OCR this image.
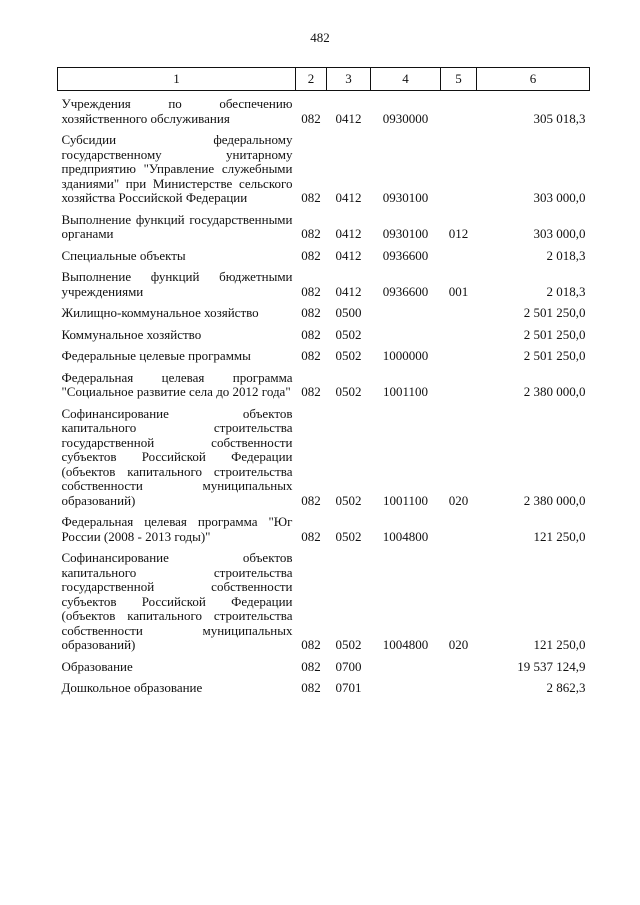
482
1	2	3	4	5	6
Учреждения по обеспечению хозяйственного обслуживания	082	0412	0930000		305 018,3
Субсидии федеральному государственному унитарному предприятию "Управление служебными зданиями" при Министерстве сельского хозяйства Российской Федерации	082	0412	0930100		303 000,0
Выполнение функций государственными органами	082	0412	0930100	012	303 000,0
Специальные объекты	082	0412	0936600		2 018,3
Выполнение функций бюджетными учреждениями	082	0412	0936600	001	2 018,3
Жилищно-коммунальное хозяйство	082	0500			2 501 250,0
Коммунальное хозяйство	082	0502			2 501 250,0
Федеральные целевые программы	082	0502	1000000		2 501 250,0
Федеральная целевая программа "Социальное развитие села до 2012 года"	082	0502	1001100		2 380 000,0
Софинансирование объектов капитального строительства государственной собственности субъектов Российской Федерации (объектов капитального строительства собственности муниципальных образований)	082	0502	1001100	020	2 380 000,0
Федеральная целевая программа "Юг России (2008 - 2013 годы)"	082	0502	1004800		121 250,0
Софинансирование объектов капитального строительства государственной собственности субъектов Российской Федерации (объектов капитального строительства собственности муниципальных образований)	082	0502	1004800	020	121 250,0
Образование	082	0700			19 537 124,9
Дошкольное образование	082	0701			2 862,3
